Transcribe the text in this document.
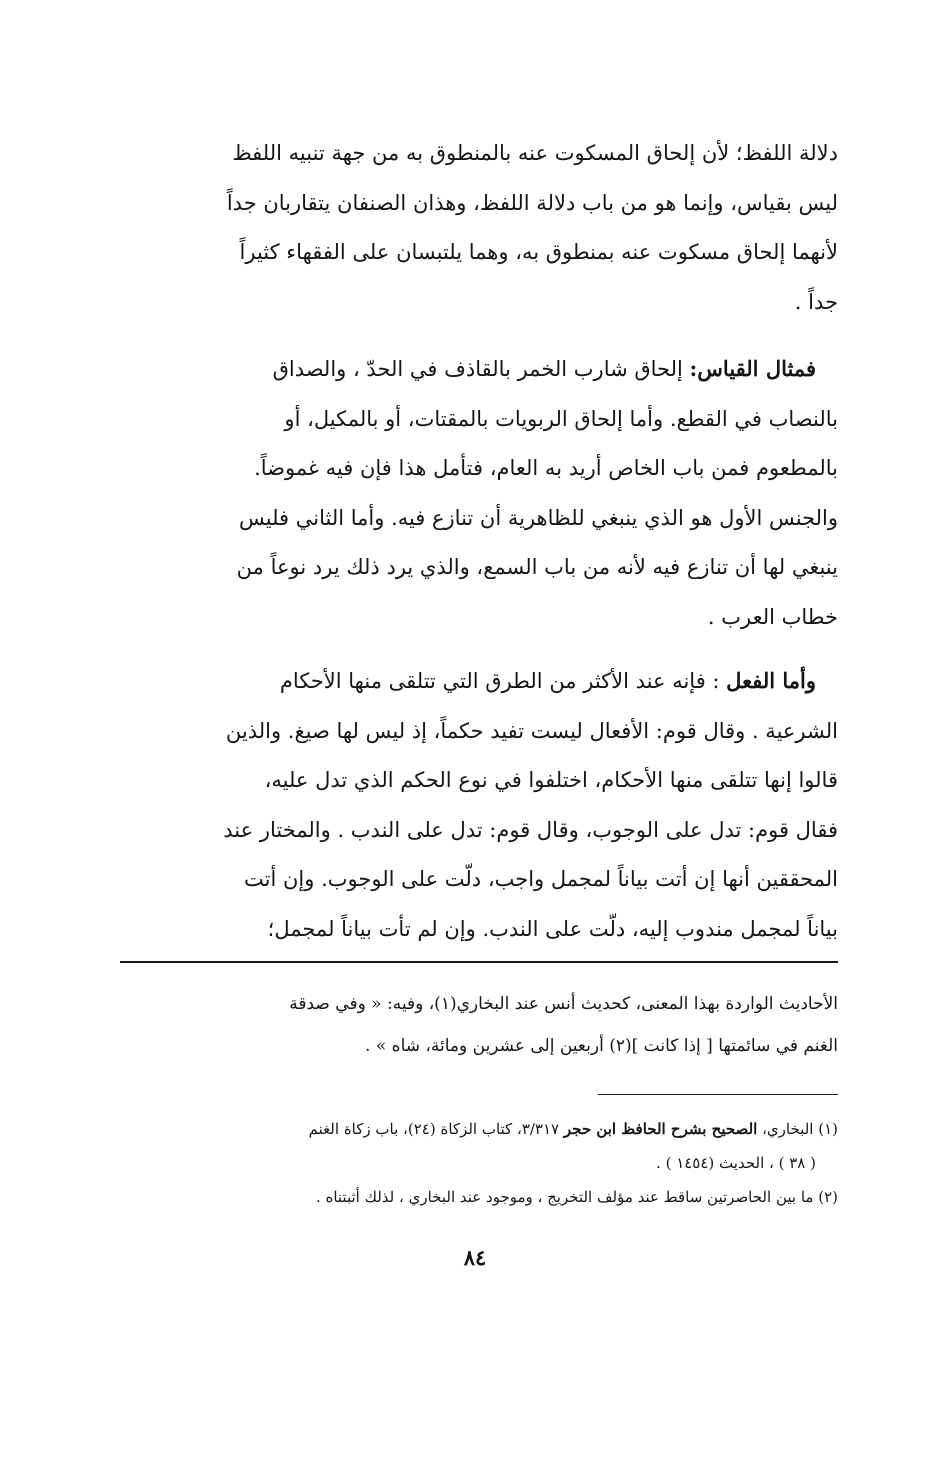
دلالة اللفظ؛ لأن إلحاق المسكوت عنه بالمنطوق به من جهة تنبيه اللفظ
ليس بقياس، وإنما هو من باب دلالة اللفظ، وهذان الصنفان يتقاربان جداً
لأنهما إلحاق مسكوت عنه بمنطوق به، وهما يلتبسان على الفقهاء كثيراً
جداً .

فمثال القياس: إلحاق شارب الخمر بالقاذف في الحدّ ، والصداق
بالنصاب في القطع. وأما إلحاق الربويات بالمقتات، أو بالمكيل، أو
بالمطعوم فمن باب الخاص أريد به العام، فتأمل هذا فإن فيه غموضاً.
والجنس الأول هو الذي ينبغي للظاهرية أن تنازع فيه. وأما الثاني فليس
ينبغي لها أن تنازع فيه لأنه من باب السمع، والذي يرد ذلك يرد نوعاً من
خطاب العرب .

وأما الفعل : فإنه عند الأكثر من الطرق التي تتلقى منها الأحكام
الشرعية . وقال قوم: الأفعال ليست تفيد حكماً، إذ ليس لها صيغ. والذين
قالوا إنها تتلقى منها الأحكام، اختلفوا في نوع الحكم الذي تدل عليه،
فقال قوم: تدل على الوجوب، وقال قوم: تدل على الندب . والمختار عند
المحققين أنها إن أتت بياناً لمجمل واجب، دلّت على الوجوب. وإن أتت
بياناً لمجمل مندوب إليه، دلّت على الندب. وإن لم تأت بياناً لمجمل؛

الأحاديث الواردة بهذا المعنى، كحديث أنس عند البخاري(١)، وفيه: « وفي صدقة
الغنم في سائمتها [ إذا كانت ](٢) أربعين إلى عشرين ومائة، شاه » .

(١) البخاري، الصحيح بشرح الحافظ ابن حجر ٣/٣١٧، كتاب الزكاة (٢٤)، باب زكاة الغنم
( ٣٨ ) ، الحديث (١٤٥٤ ) .
(٢) ما بين الحاصرتين ساقط عند مؤلف التخريج ، وموجود عند البخاري ، لذلك أثبتناه .
٨٤
